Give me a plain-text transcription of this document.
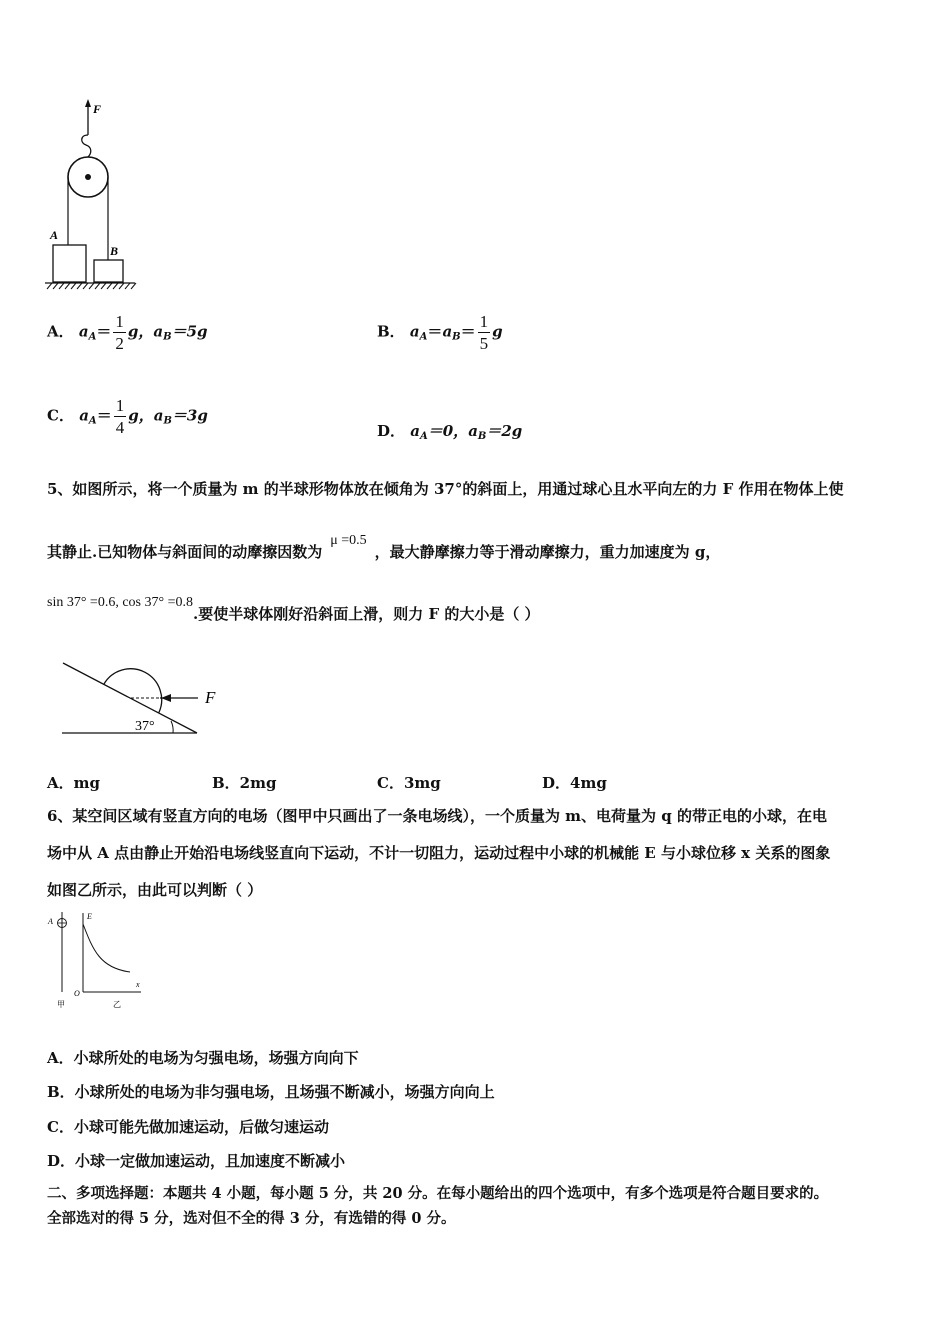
F
A
B
A． $a_A= \frac{1}{2}$ g，$a_B=5g$	B． $a_A=a_B= \frac{1}{5}$ g
C． $a_A= \frac{1}{4}$ g，$a_B=3g$
D． $a_A=0$，$a_B=2g$
5、如图所示，将一个质量为 m 的半球形物体放在倾角为 37°的斜面上，用通过球心且水平向左的力 F 作用在物体上使
其静止.已知物体与斜面间的动摩擦因数为μ =0.5，最大静摩擦力等于滑动摩擦力，重力加速度为 g，
sin 37° =0.6, cos 37° =0.8.要使半球体刚好沿斜面上滑，则力 F 的大小是（ ）
F
37°
A．mg	B．2mg	C．3mg	D．4mg
6、某空间区域有竖直方向的电场（图甲中只画出了一条电场线），一个质量为 m、电荷量为 q 的带正电的小球，在电
场中从 A 点由静止开始沿电场线竖直向下运动，不计一切阻力，运动过程中小球的机械能 E 与小球位移 x 关系的图象
如图乙所示，由此可以判断（ ）
A
E
x
O
甲	乙
A．小球所处的电场为匀强电场，场强方向向下
B．小球所处的电场为非匀强电场，且场强不断减小，场强方向向上
C．小球可能先做加速运动，后做匀速运动
D．小球一定做加速运动，且加速度不断减小
二、多项选择题：本题共 4 小题，每小题 5 分，共 20 分。在每小题给出的四个选项中，有多个选项是符合题目要求的。
全部选对的得 5 分，选对但不全的得 3 分，有选错的得 0 分。
